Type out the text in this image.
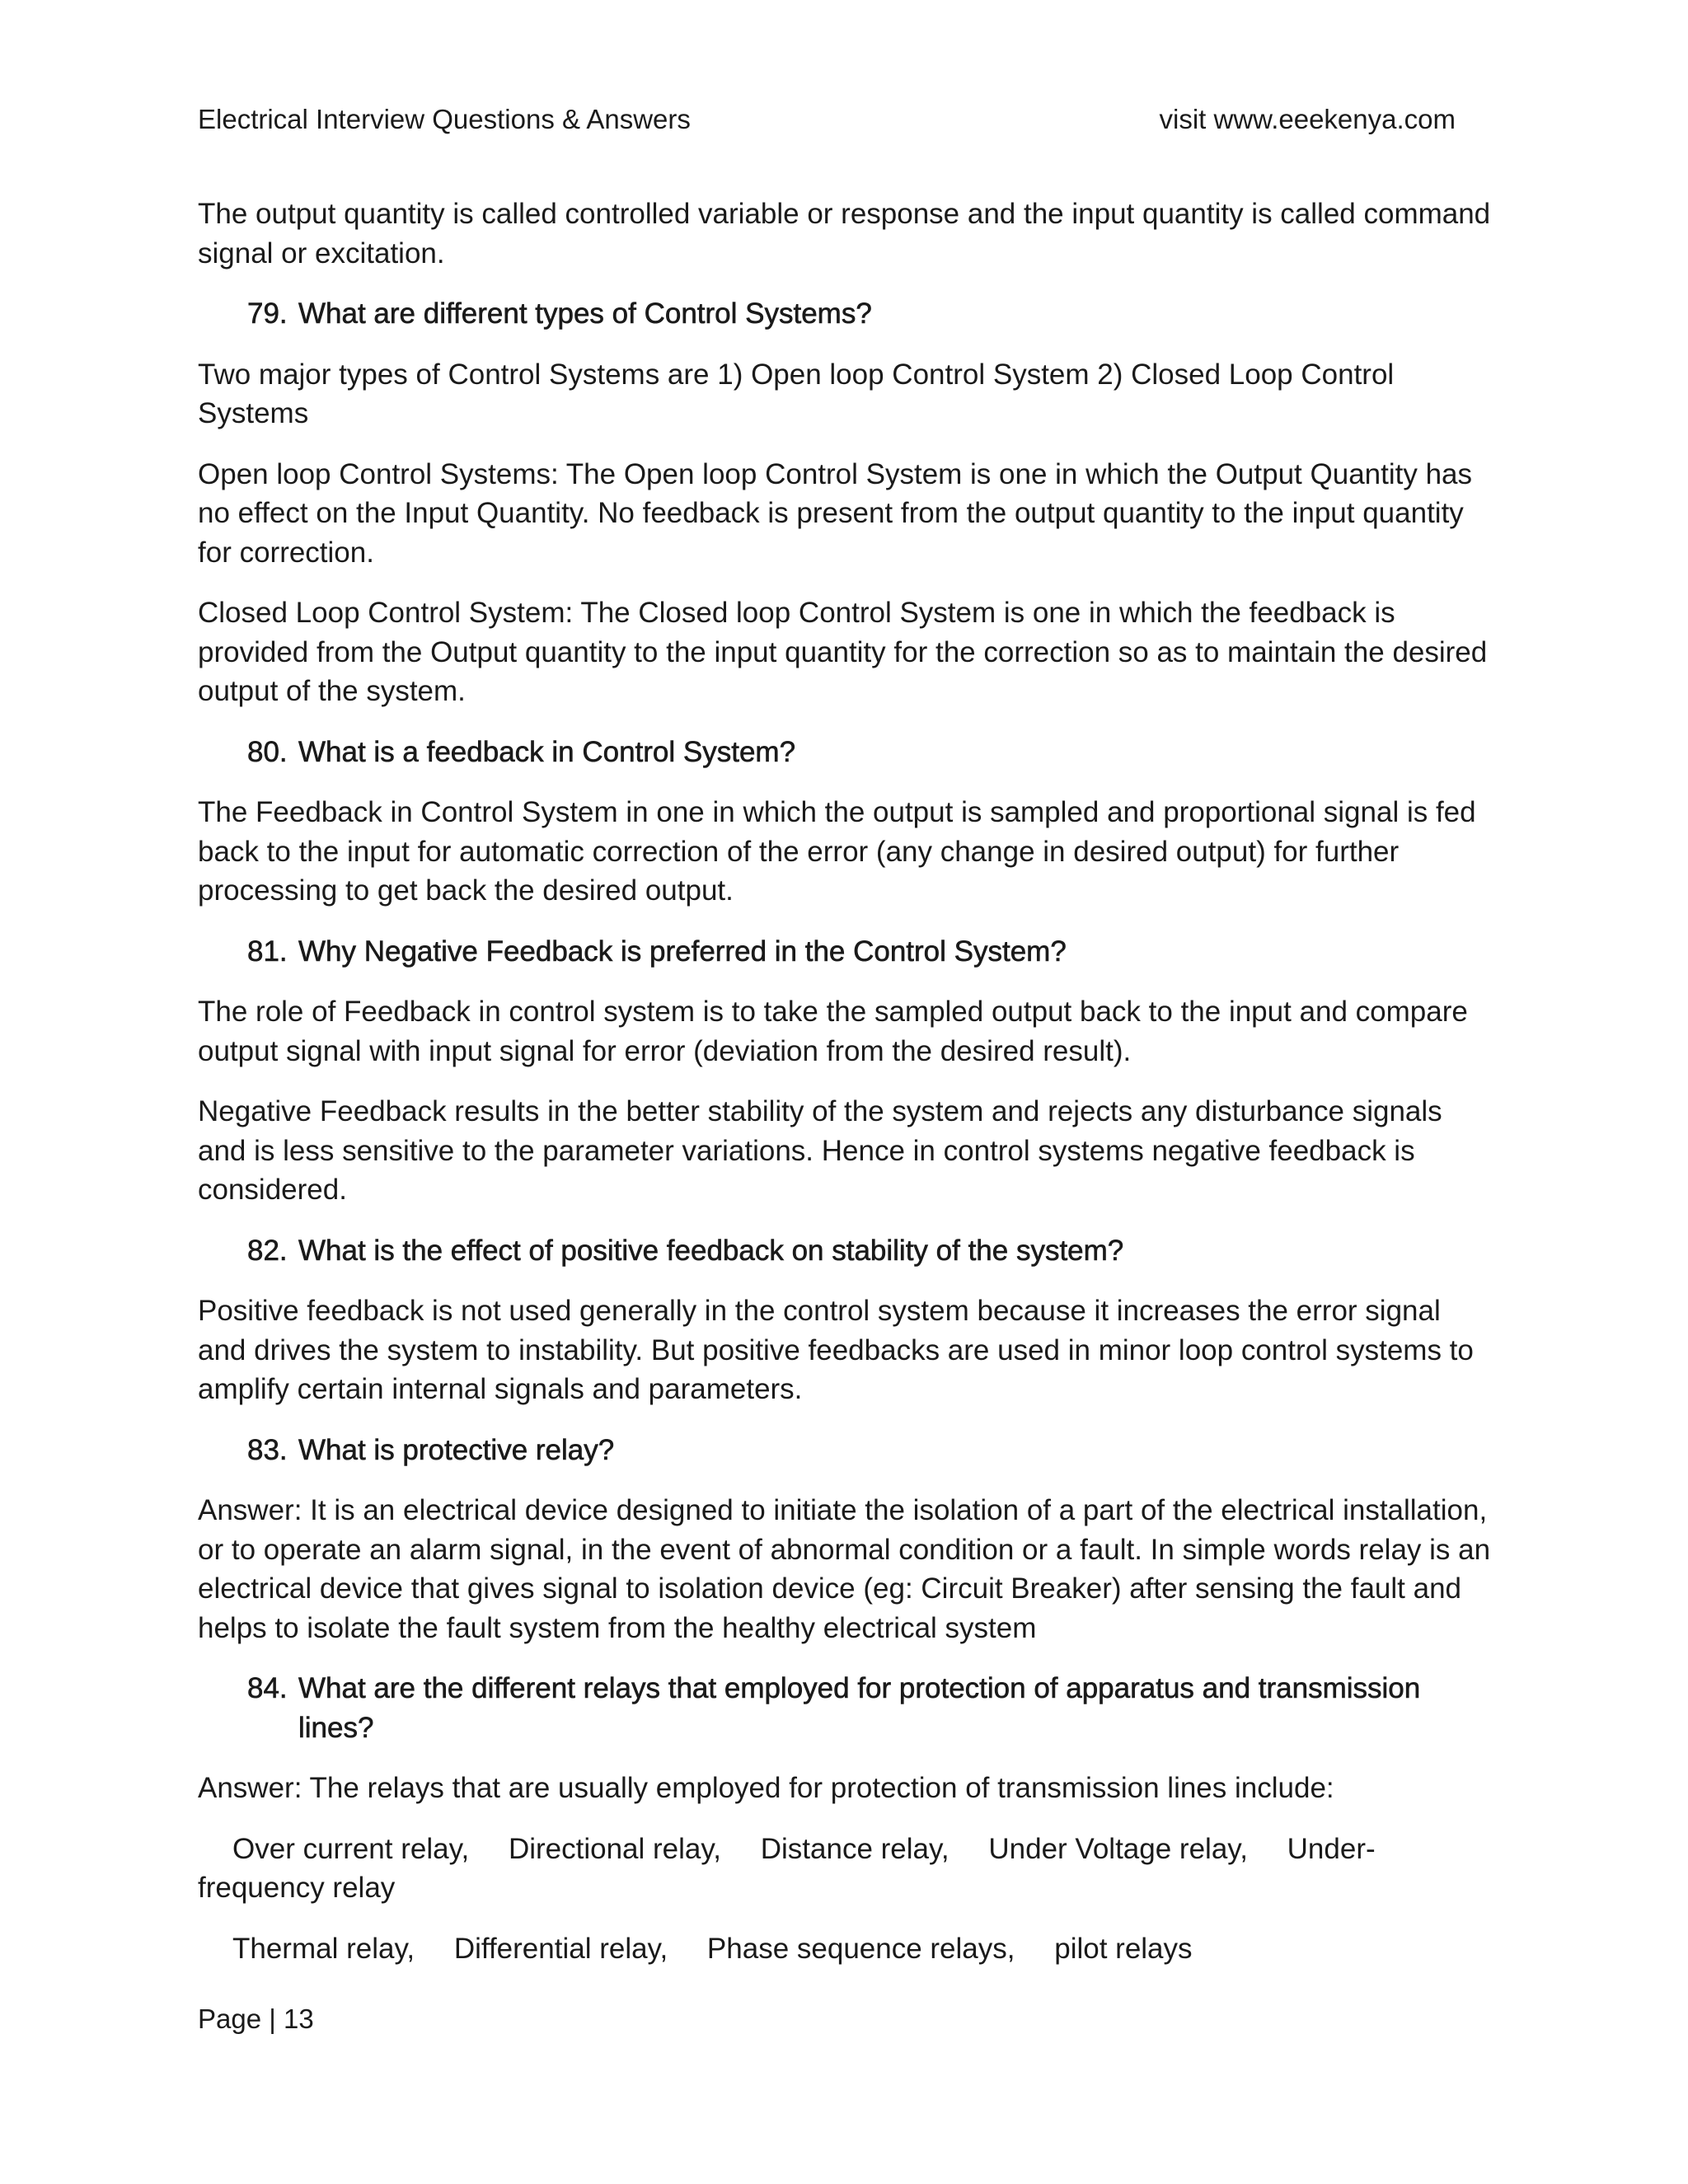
Electrical Interview Questions & Answers	visit www.eeekenya.com

The output quantity is called controlled variable or response and the input quantity is called command signal or excitation.

79. What are different types of Control Systems?

Two major types of Control Systems are 1) Open loop Control System 2) Closed Loop Control Systems

Open loop Control Systems: The Open loop Control System is one in which the Output Quantity has no effect on the Input Quantity. No feedback is present from the output quantity to the input quantity for correction.

Closed Loop Control System: The Closed loop Control System is one in which the feedback is provided from the Output quantity to the input quantity for the correction so as to maintain the desired output of the system.

80. What is a feedback in Control System?

The Feedback in Control System in one in which the output is sampled and proportional signal is fed back to the input for automatic correction of the error (any change in desired output) for further processing to get back the desired output.

81. Why Negative Feedback is preferred in the Control System?

The role of Feedback in control system is to take the sampled output back to the input and compare output signal with input signal for error (deviation from the desired result).

Negative Feedback results in the better stability of the system and rejects any disturbance signals and is less sensitive to the parameter variations. Hence in control systems negative feedback is considered.

82. What is the effect of positive feedback on stability of the system?

Positive feedback is not used generally in the control system because it increases the error signal and drives the system to instability. But positive feedbacks are used in minor loop control systems to amplify certain internal signals and parameters.

83. What is protective relay?

Answer: It is an electrical device designed to initiate the isolation of a part of the electrical installation, or to operate an alarm signal, in the event of abnormal condition or a fault. In simple words relay is an electrical device that gives signal to isolation device (eg: Circuit Breaker) after sensing the fault and helps to isolate the fault system from the healthy electrical system

84. What are the different relays that employed for protection of apparatus and transmission lines?

Answer: The relays that are usually employed for protection of transmission lines include:

Over current relay, Directional relay, Distance relay, Under Voltage relay, Under-frequency relay

Thermal relay, Differential relay, Phase sequence relays, pilot relays

Page | 13
